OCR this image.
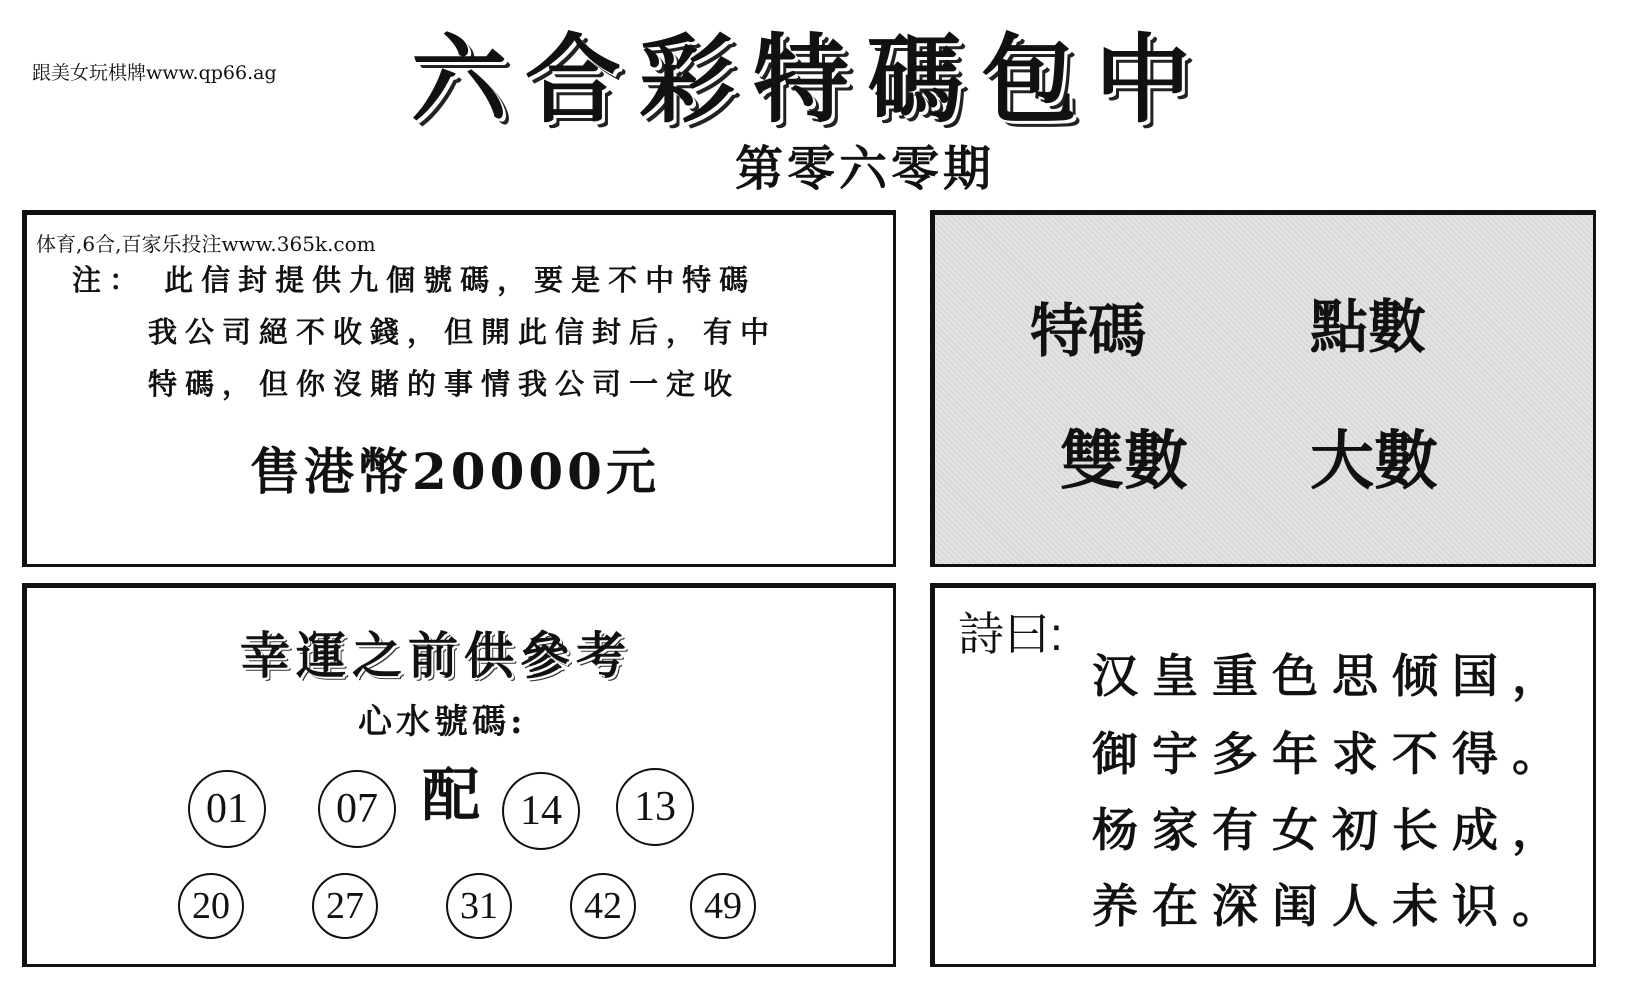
跟美女玩棋牌www.qp66.ag	六合彩特碼包中
第零六零期
体育,6合,百家乐投注www.365k.com
注： 此信封提供九個號碼，要是不中特碼
我公司絕不收錢，但開此信封后，有中
特碼，但你沒賭的事情我公司一定收
售港幣20000元
特碼	點數
雙數 大數
幸運之前供參考
心水號碼:
配
01	07	14	13
20	27	31	42	49
詩曰:
汉皇重色思倾国，
御宇多年求不得。
杨家有女初长成，
养在深闺人未识。
